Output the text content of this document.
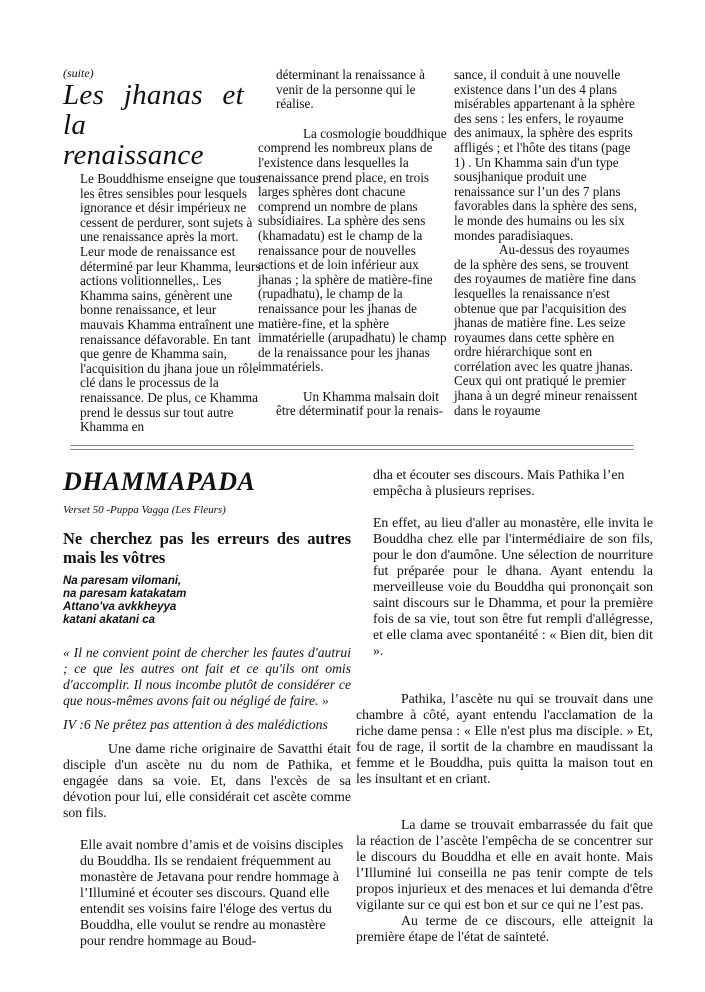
(suite)
Les jhanas et la
renaissance

Le Bouddhisme enseigne que tous les êtres sensibles pour lesquels ignorance et désir impérieux ne cessent de perdurer, sont sujets à une renaissance après la mort. Leur mode de renaissance est déterminé par leur Khamma, leurs actions volitionnelles,. Les Khamma sains, génèrent une bonne renaissance, et leur mauvais Khamma entraînent une renaissance défavorable. En tant que genre de Khamma sain, l'acquisition du jhana joue un rôle clé dans le processus de la renaissance. De plus, ce Khamma prend le dessus sur tout autre Khamma en

déterminant la renaissance à venir de la personne qui le réalise.

La cosmologie bouddhique comprend les nombreux plans de l'existence dans lesquelles la renaissance prend place, en trois larges sphères dont chacune comprend un nombre de plans subsidiaires. La sphère des sens (khamadatu) est le champ de la renaissance pour de nouvelles actions et de loin inférieur aux jhanas ; la sphère de matière-fine (rupadhatu), le champ de la renaissance pour les jhanas de matière-fine, et la sphère immatérielle (arupadhatu) le champ de la renaissance pour les jhanas immatériels.

Un Khamma malsain doit être déterminatif pour la renais-

sance, il conduit à une nouvelle existence dans l’un des 4 plans misérables appartenant à la sphère des sens : les enfers, le royaume des animaux, la sphère des esprits affligés ; et l'hôte des titans (page 1) . Un Khamma sain d'un type sousjhanique produit une renaissance sur l’un des 7 plans favorables dans la sphère des sens, le monde des humains ou les six mondes paradisiaques.

Au-dessus des royaumes de la sphère des sens, se trouvent des royaumes de matière fine dans lesquelles la renaissance n'est obtenue que par l'acquisition des jhanas de matière fine. Les seize royaumes dans cette sphère en ordre hiérarchique sont en corrélation avec les quatre jhanas. Ceux qui ont pratiqué le premier jhana à un degré mineur renaissent dans le royaume

DHAMMAPADA
Verset 50 -Puppa Vagga (Les Fleurs)
Ne cherchez pas les erreurs des autres
mais les vôtres
Na paresam vilomani,
na paresam katakatam
Attano'va avkkheyya
katani akatani ca

« Il ne convient point de chercher les fautes d'autrui ; ce que les autres ont fait et ce qu'ils ont omis d'accomplir. Il nous incombe plutôt de considérer ce que nous-mêmes avons fait ou négligé de faire. »

IV :6 Ne prêtez pas attention à des malédictions

Une dame riche originaire de Savatthi était disciple d'un ascète nu du nom de Pathika, et engagée dans sa voie. Et, dans l'excès de sa dévotion pour lui, elle considérait cet ascète comme son fils.

Elle avait nombre d’amis et de voisins disciples du Bouddha. Ils se rendaient fréquemment au monastère de Jetavana pour rendre hommage à l’Illuminé et écouter ses discours. Quand elle entendit ses voisins faire l'éloge des vertus du Bouddha, elle voulut se rendre au monastère pour rendre hommage au Boud-

dha et écouter ses discours. Mais Pathika l’en empêcha à plusieurs reprises.

En effet, au lieu d'aller au monastère, elle invita le Bouddha chez elle par l'intermédiaire de son fils, pour le don d'aumône. Une sélection de nourriture fut préparée pour le dhana. Ayant entendu la merveilleuse voie du Bouddha qui prononçait son saint discours sur le Dhamma, et pour la première fois de sa vie, tout son être fut rempli d'allégresse, et elle clama avec spontanéité : « Bien dit, bien dit ».

Pathika, l’ascète nu qui se trouvait dans une chambre à côté, ayant entendu l'acclamation de la riche dame pensa : « Elle n'est plus ma disciple. » Et, fou de rage, il sortit de la chambre en maudissant la femme et le Bouddha, puis quitta la maison tout en les insultant et en criant.

La dame se trouvait embarrassée du fait que la réaction de l’ascète l'empêcha de se concentrer sur le discours du Bouddha et elle en avait honte. Mais l’Illuminé lui conseilla ne pas tenir compte de tels propos injurieux et des menaces et lui demanda d'être vigilante sur ce qui est bon et sur ce qui ne l’est pas.

Au terme de ce discours, elle atteignit la première étape de l'état de sainteté.
